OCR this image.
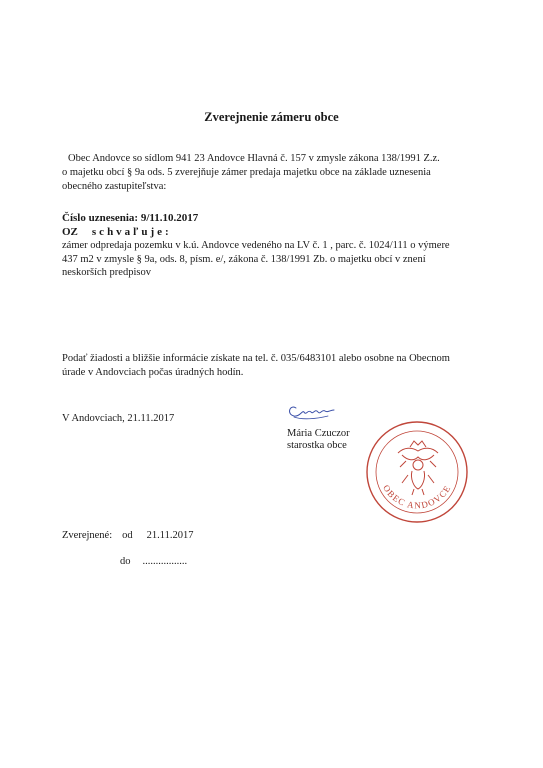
Zverejnenie zámeru obce
Obec Andovce so sídlom 941 23 Andovce Hlavná č. 157 v zmysle zákona 138/1991 Z.z.
o majetku obcí § 9a ods. 5 zverejňuje zámer predaja majetku obce na základe uznesenia
obecného zastupiteľstva:
Číslo uznesenia: 9/11.10.2017
OZ schvaľuje:
zámer odpredaja pozemku v k.ú. Andovce vedeného na LV č. 1 , parc. č. 1024/111 o výmere
437 m2 v zmysle § 9a, ods. 8, písm. e/, zákona č. 138/1991 Zb. o majetku obcí v znení
neskorších predpisov
Podať žiadosti a bližšie informácie získate na tel. č. 035/6483101 alebo osobne na Obecnom
úrade v Andovciach počas úradných hodín.
V Andovciach, 21.11.2017
Mária Czuczor
starostka obce
OBEC ANDOVCE
Zverejnené: od 21.11.2017
do .................
